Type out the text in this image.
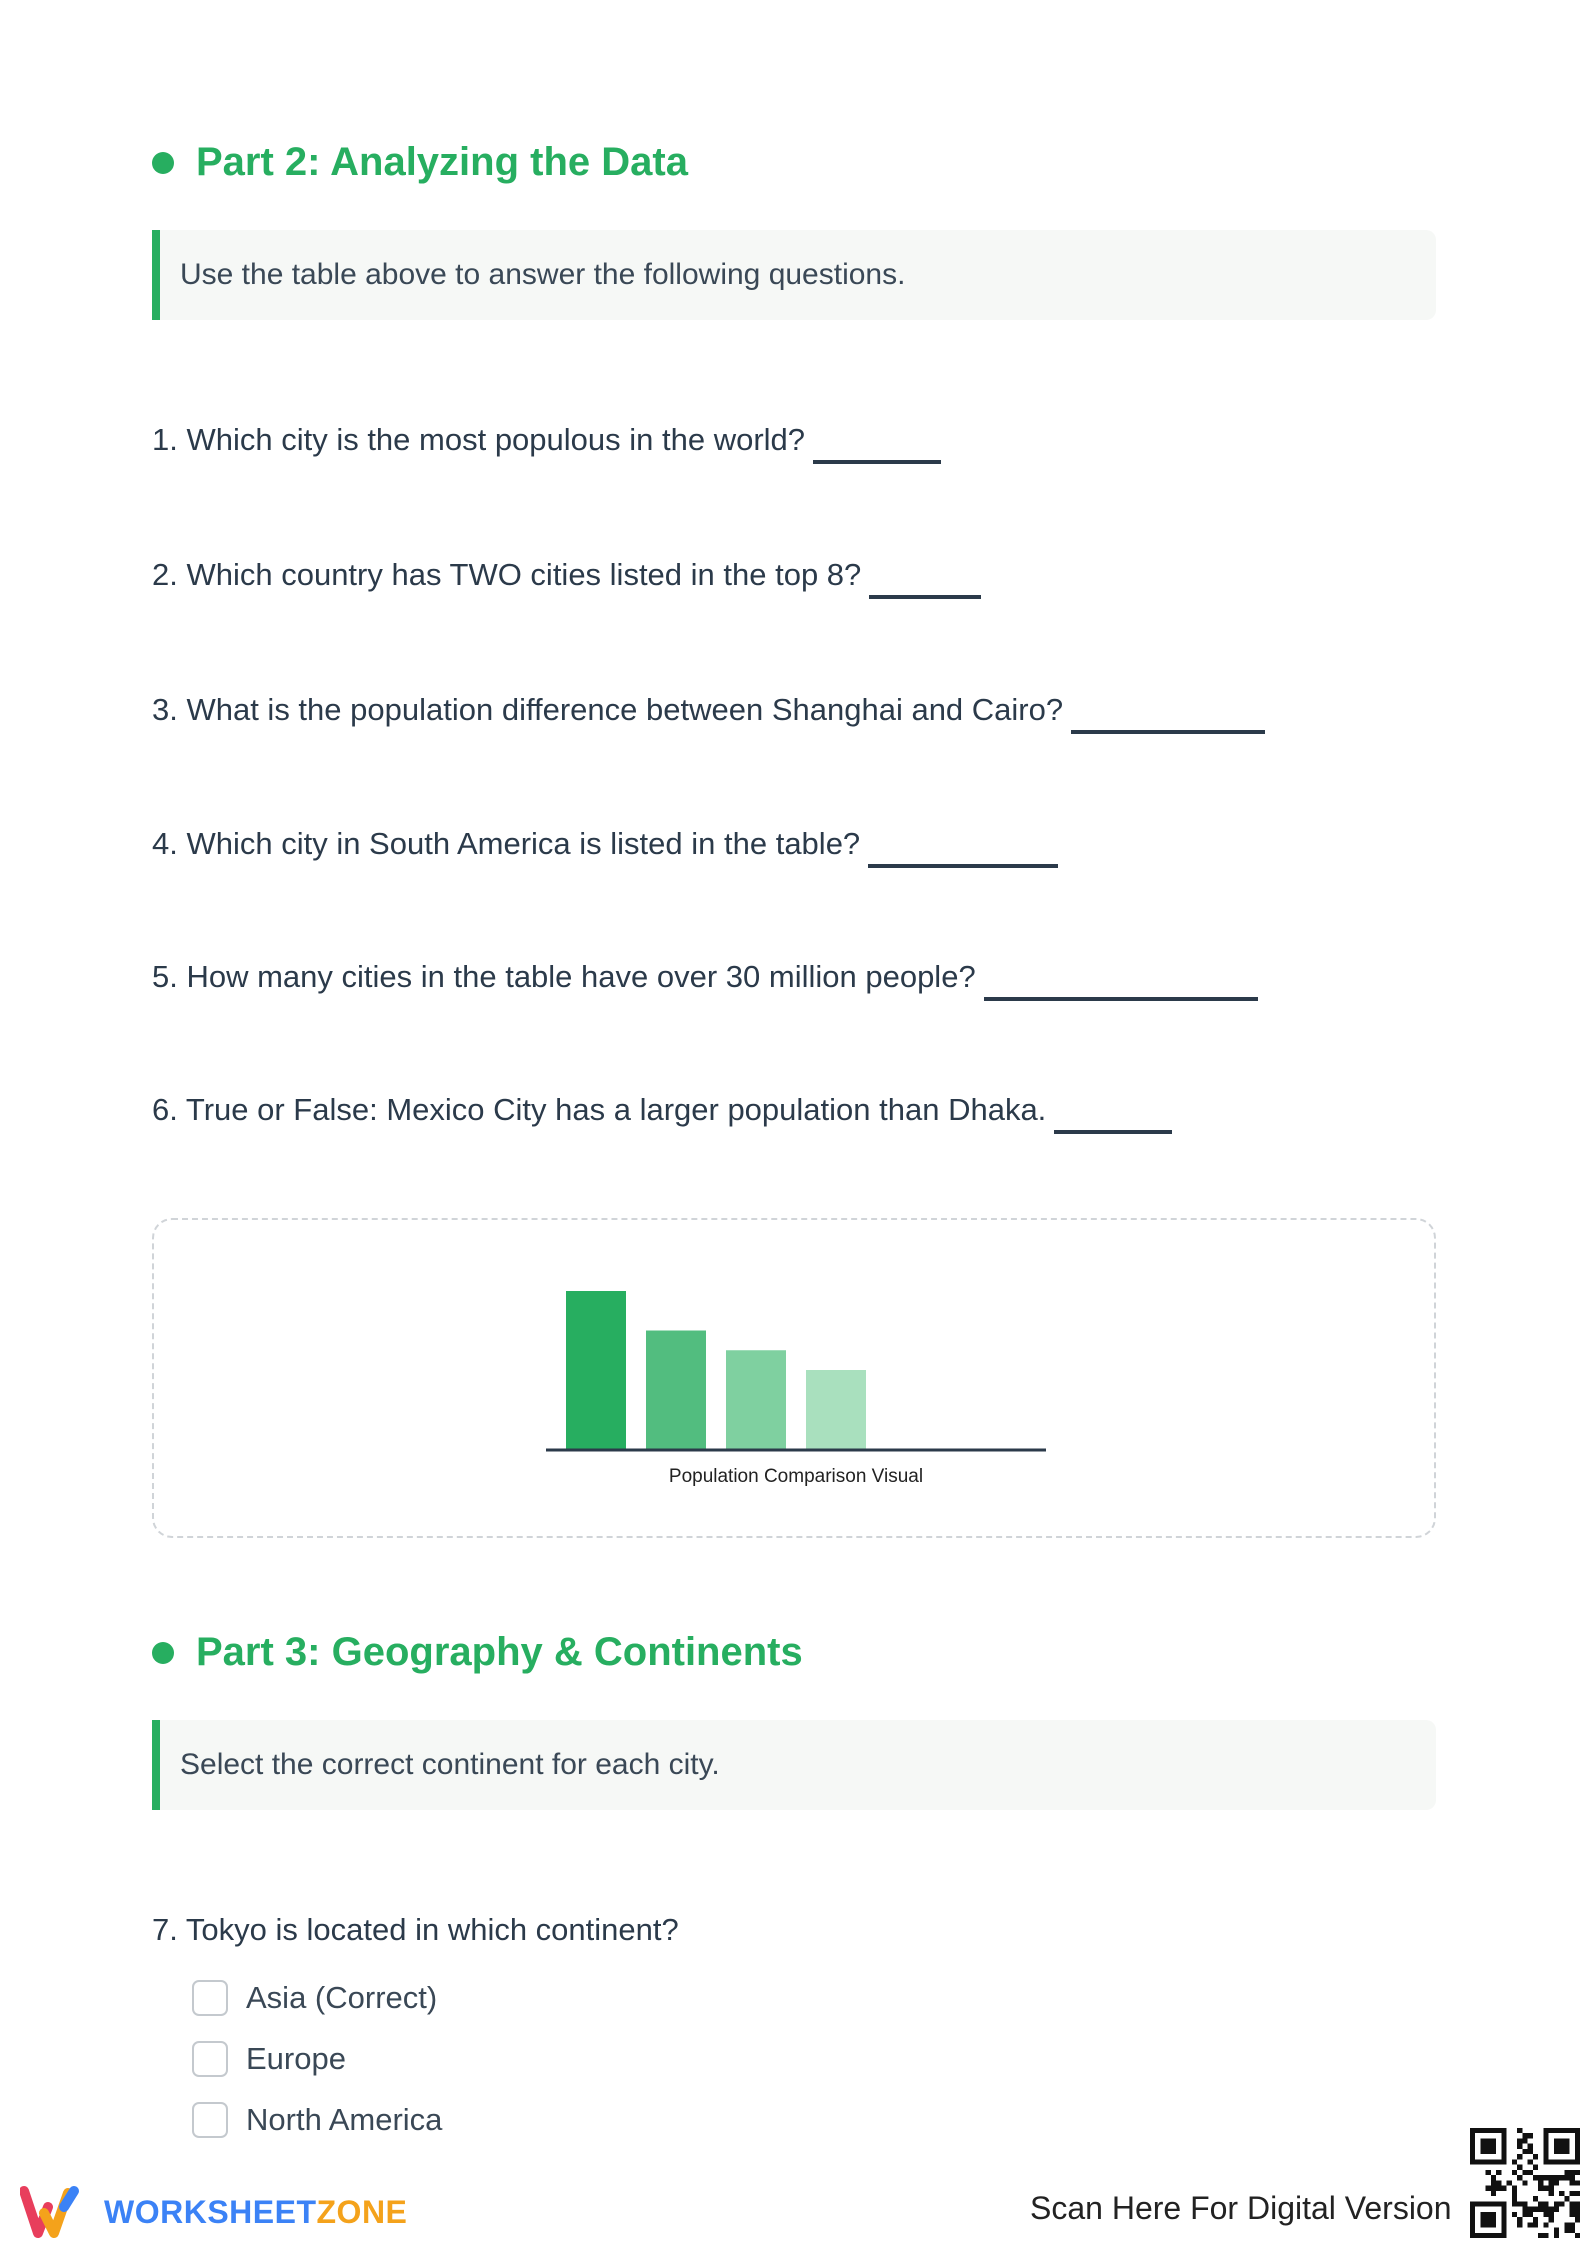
Part 2: Analyzing the Data
Use the table above to answer the following questions.
1. Which city is the most populous in the world?
2. Which country has TWO cities listed in the top 8?
3. What is the population difference between Shanghai and Cairo?
4. Which city in South America is listed in the table?
5. How many cities in the table have over 30 million people?
6. True or False: Mexico City has a larger population than Dhaka.
Population Comparison Visual
Part 3: Geography & Continents
Select the correct continent for each city.
7. Tokyo is located in which continent?
Asia (Correct)
Europe
North America
WORKSHEETZONE	Scan Here For Digital Version
